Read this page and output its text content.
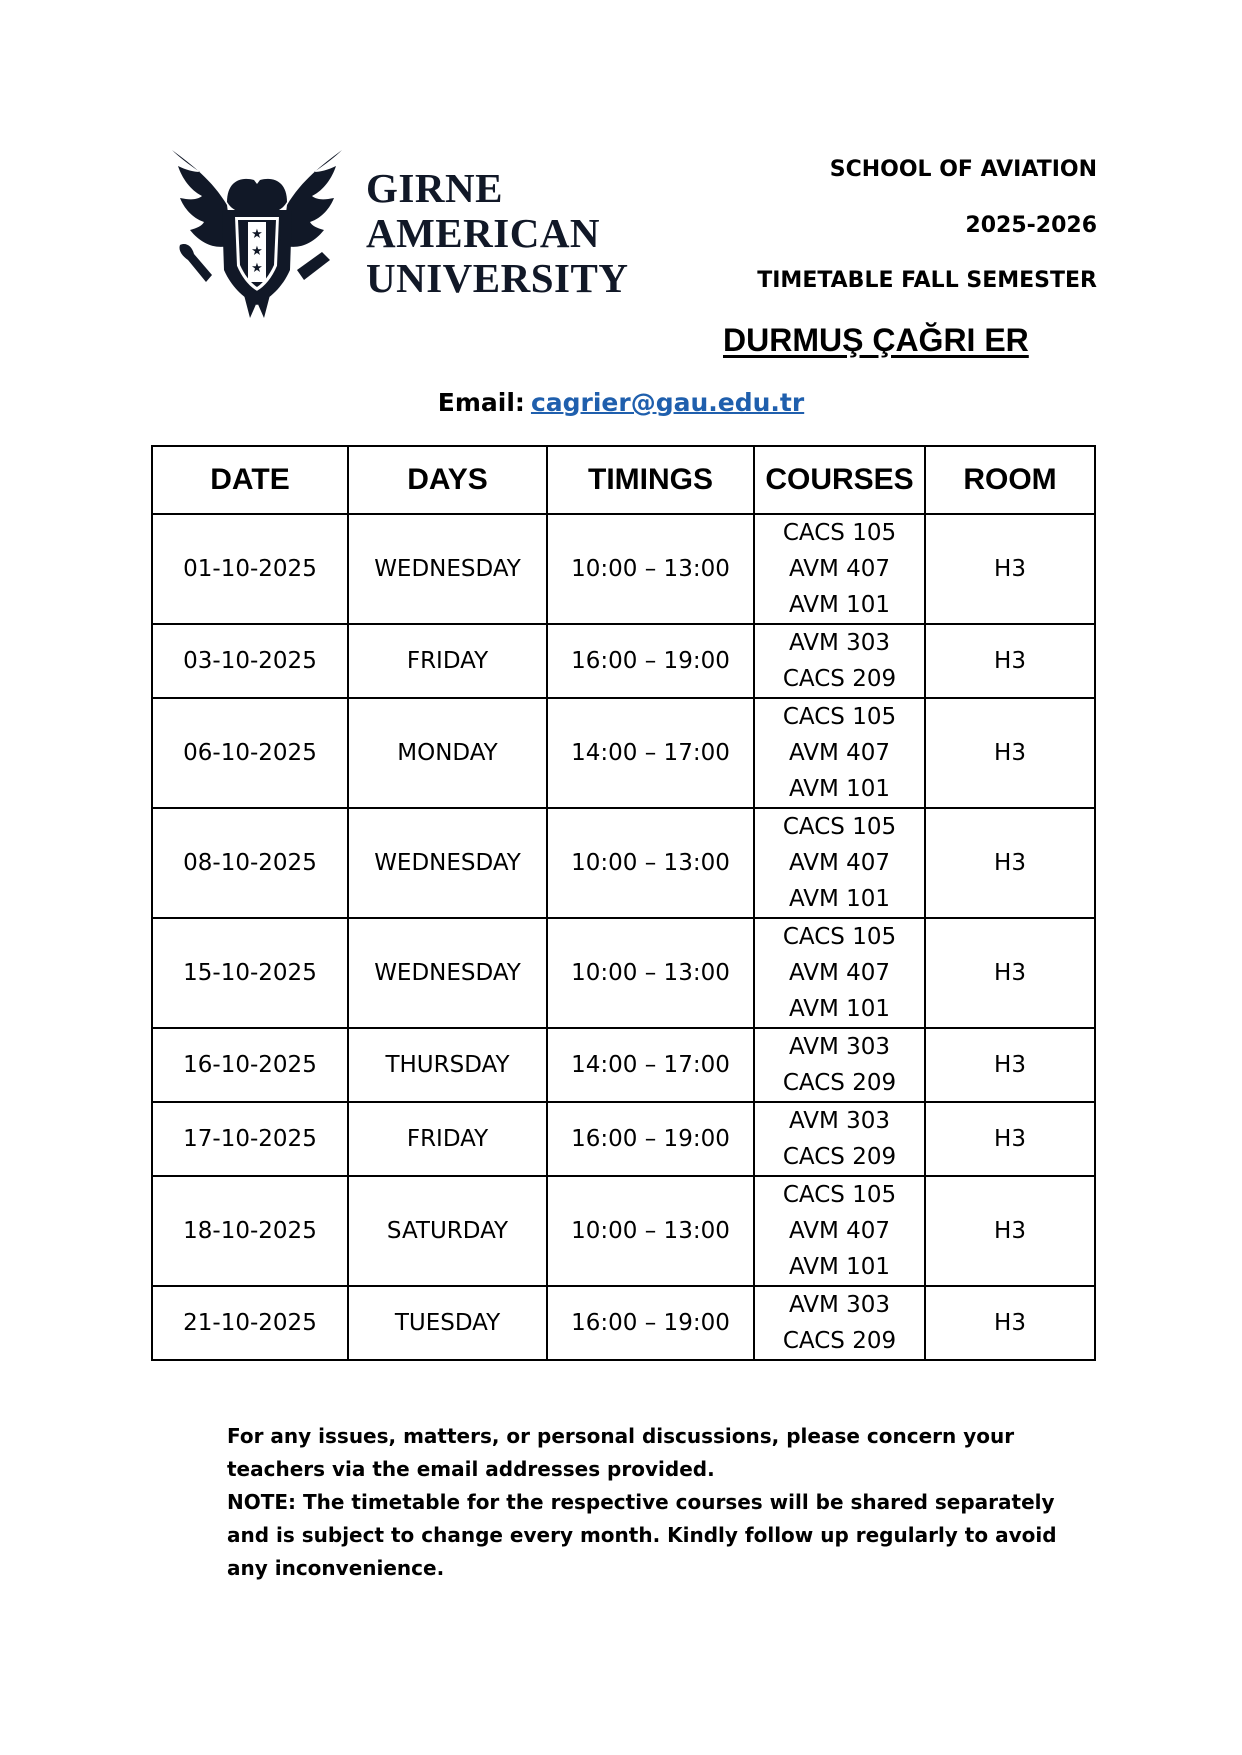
★
★
★
GIRNE
AMERICAN
UNIVERSITY
SCHOOL OF AVIATION
2025-2026
TIMETABLE FALL SEMESTER
DURMUŞ ÇAĞRI ER
Email: cagrier@gau.edu.tr
DATE	DAYS	TIMINGS	COURSES	ROOM
01-10-2025	WEDNESDAY	10:00 – 13:00	CACS 105
AVM 407
AVM 101	H3
03-10-2025	FRIDAY	16:00 – 19:00	AVM 303
CACS 209	H3
06-10-2025	MONDAY	14:00 – 17:00	CACS 105
AVM 407
AVM 101	H3
08-10-2025	WEDNESDAY	10:00 – 13:00	CACS 105
AVM 407
AVM 101	H3
15-10-2025	WEDNESDAY	10:00 – 13:00	CACS 105
AVM 407
AVM 101	H3
16-10-2025	THURSDAY	14:00 – 17:00	AVM 303
CACS 209	H3
17-10-2025	FRIDAY	16:00 – 19:00	AVM 303
CACS 209	H3
18-10-2025	SATURDAY	10:00 – 13:00	CACS 105
AVM 407
AVM 101	H3
21-10-2025	TUESDAY	16:00 – 19:00	AVM 303
CACS 209	H3

For any issues, matters, or personal discussions, please concern your teachers via the email addresses provided.

NOTE: The timetable for the respective courses will be shared separately and is subject to change every month. Kindly follow up regularly to avoid any inconvenience.
